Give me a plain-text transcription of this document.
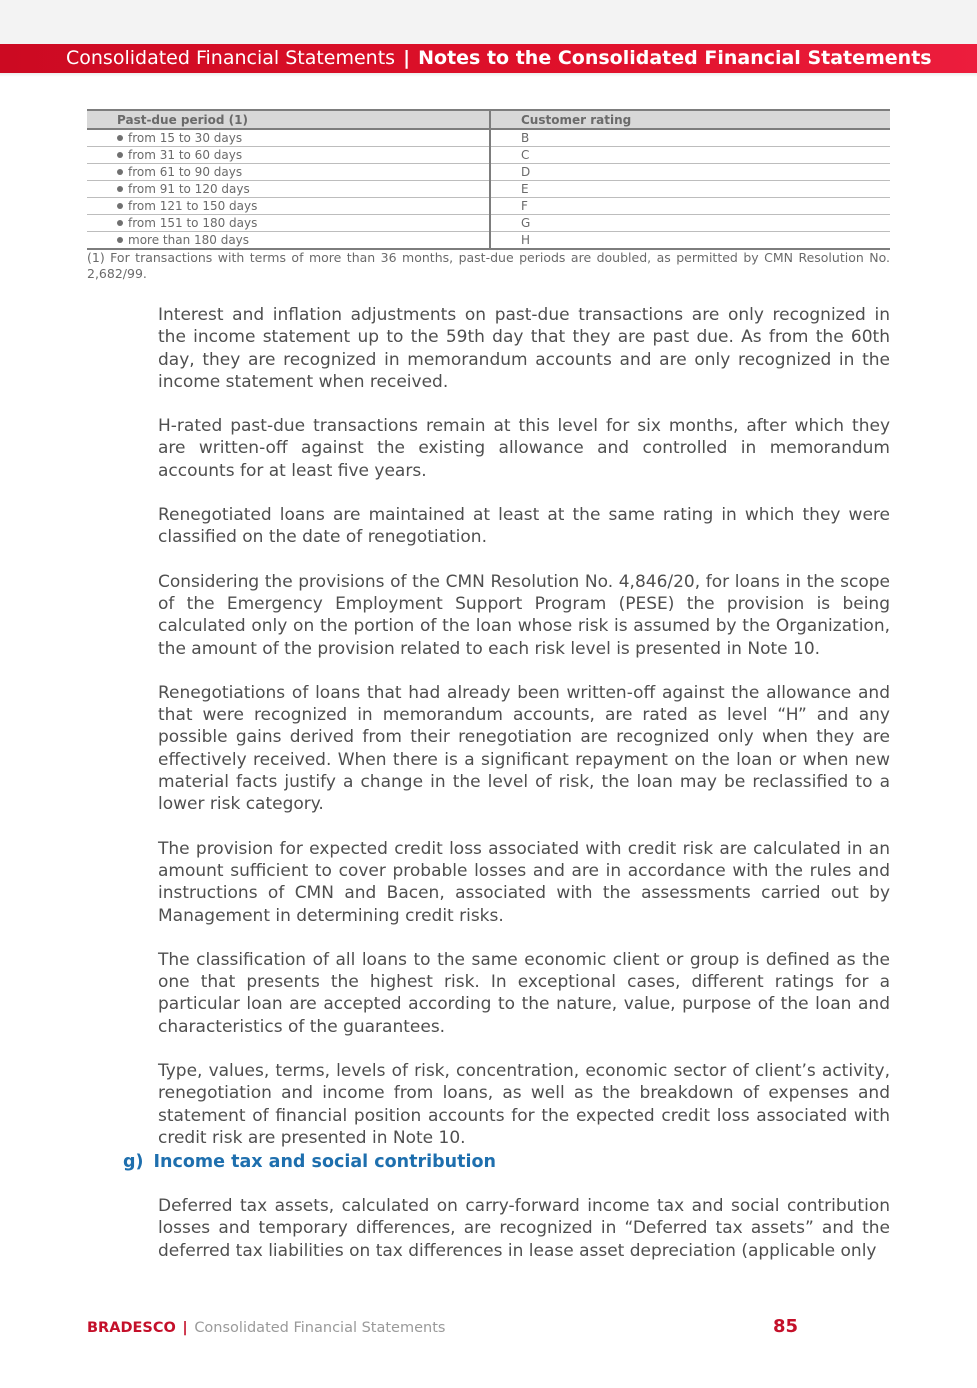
Consolidated Financial Statements | Notes to the Consolidated Financial Statements
Past-due period (1)	Customer rating
from 15 to 30 days	B
from 31 to 60 days	C
from 61 to 90 days	D
from 91 to 120 days	E
from 121 to 150 days	F
from 151 to 180 days	G
more than 180 days	H
(1) For transactions with terms of more than 36 months, past-due periods are doubled, as permitted by CMN Resolution No. 2,682/99.

Interest and inflation adjustments on past-due transactions are only recognized in the income statement up to the 59th day that they are past due. As from the 60th day, they are recognized in memorandum accounts and are only recognized in the income statement when received.

H-rated past-due transactions remain at this level for six months, after which they are written-off against the existing allowance and controlled in memorandum accounts for at least five years.

Renegotiated loans are maintained at least at the same rating in which they were classified on the date of renegotiation.

Considering the provisions of the CMN Resolution No. 4,846/20, for loans in the scope of the Emergency Employment Support Program (PESE) the provision is being calculated only on the portion of the loan whose risk is assumed by the Organization, the amount of the provision related to each risk level is presented in Note 10.

Renegotiations of loans that had already been written-off against the allowance and that were recognized in memorandum accounts, are rated as level “H” and any possible gains derived from their renegotiation are recognized only when they are effectively received. When there is a significant repayment on the loan or when new material facts justify a change in the level of risk, the loan may be reclassified to a lower risk category.

The provision for expected credit loss associated with credit risk are calculated in an amount sufficient to cover probable losses and are in accordance with the rules and instructions of CMN and Bacen, associated with the assessments carried out by Management in determining credit risks.

The classification of all loans to the same economic client or group is defined as the one that presents the highest risk. In exceptional cases, different ratings for a particular loan are accepted according to the nature, value, purpose of the loan and characteristics of the guarantees.

Type, values, terms, levels of risk, concentration, economic sector of client’s activity, renegotiation and income from loans, as well as the breakdown of expenses and statement of financial position accounts for the expected credit loss associated with credit risk are presented in Note 10.

g) Income tax and social contribution
Deferred tax assets, calculated on carry-forward income tax and social contribution losses and temporary differences, are recognized in “Deferred tax assets” and the deferred tax liabilities on tax differences in lease asset depreciation (applicable only
BRADESCO | Consolidated Financial Statements	85
